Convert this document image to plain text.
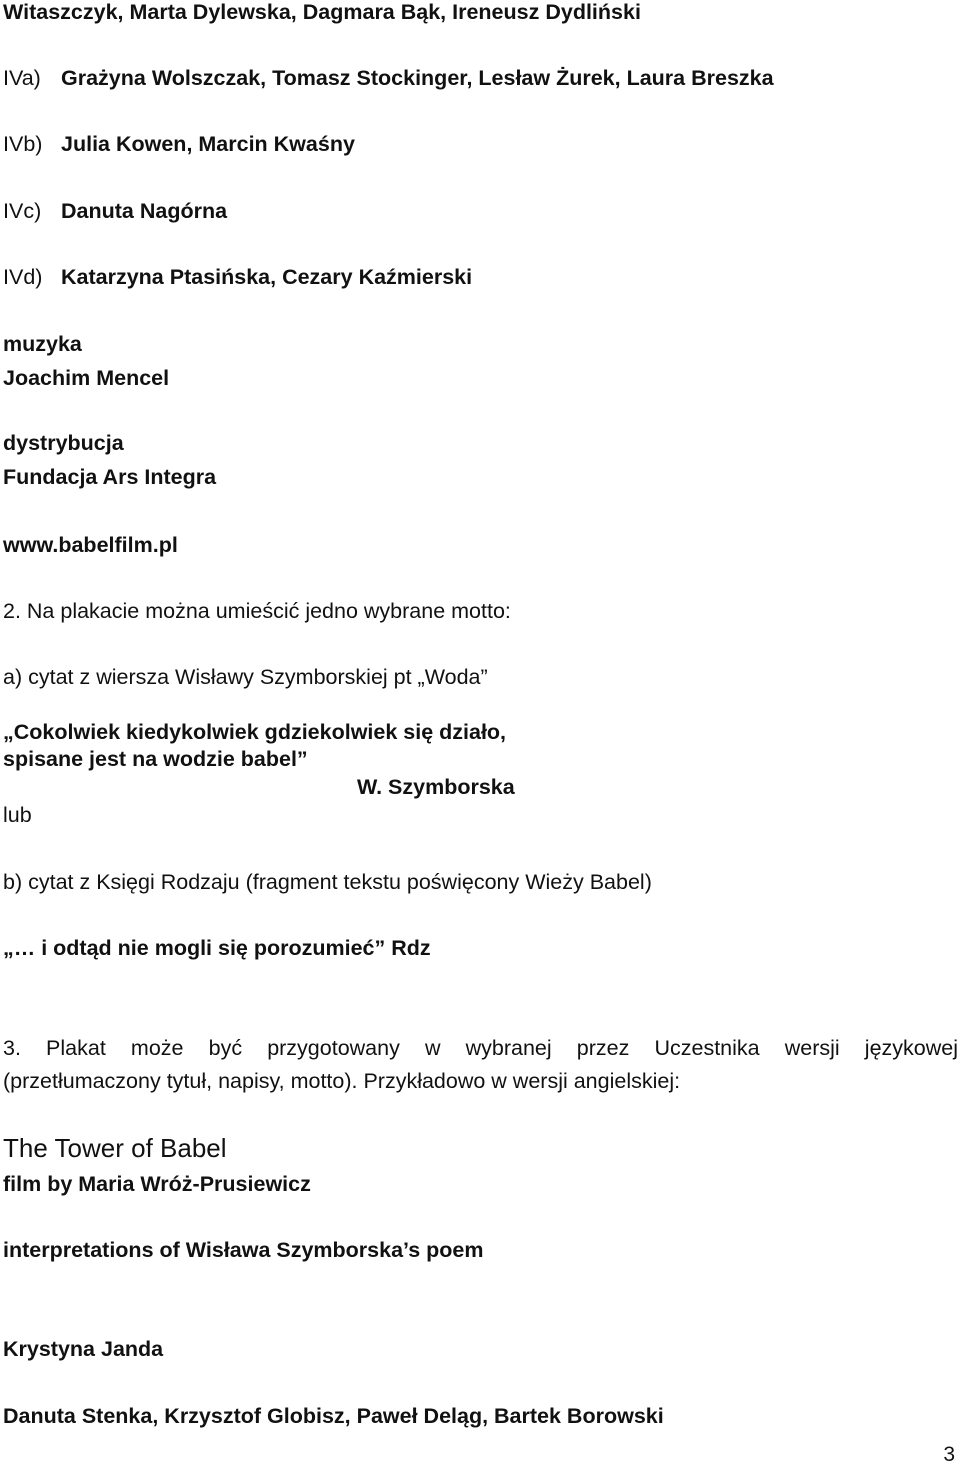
Witaszczyk, Marta Dylewska, Dagmara Bąk, Ireneusz Dydliński

IVa) Grażyna Wolszczak, Tomasz Stockinger, Lesław Żurek, Laura Breszka

IVb) Julia Kowen, Marcin Kwaśny

IVc) Danuta Nagórna

IVd) Katarzyna Ptasińska, Cezary Kaźmierski

muzyka

Joachim Mencel

dystrybucja

Fundacja Ars Integra

www.babelfilm.pl

2. Na plakacie można umieścić jedno wybrane motto:

a) cytat z wiersza Wisławy Szymborskiej pt „Woda”

„Cokolwiek kiedykolwiek gdziekolwiek się działo,

spisane jest na wodzie babel”

W. Szymborska

lub

b) cytat z Księgi Rodzaju (fragment tekstu poświęcony Wieży Babel)

„… i odtąd nie mogli się porozumieć” Rdz

3. Plakat może być przygotowany w wybranej przez Uczestnika wersji językowej

(przetłumaczony tytuł, napisy, motto). Przykładowo w wersji angielskiej:

The Tower of Babel

film by Maria Wróż-Prusiewicz

interpretations of Wisława Szymborska’s poem

Krystyna Janda

Danuta Stenka, Krzysztof Globisz, Paweł Deląg, Bartek Borowski

3
